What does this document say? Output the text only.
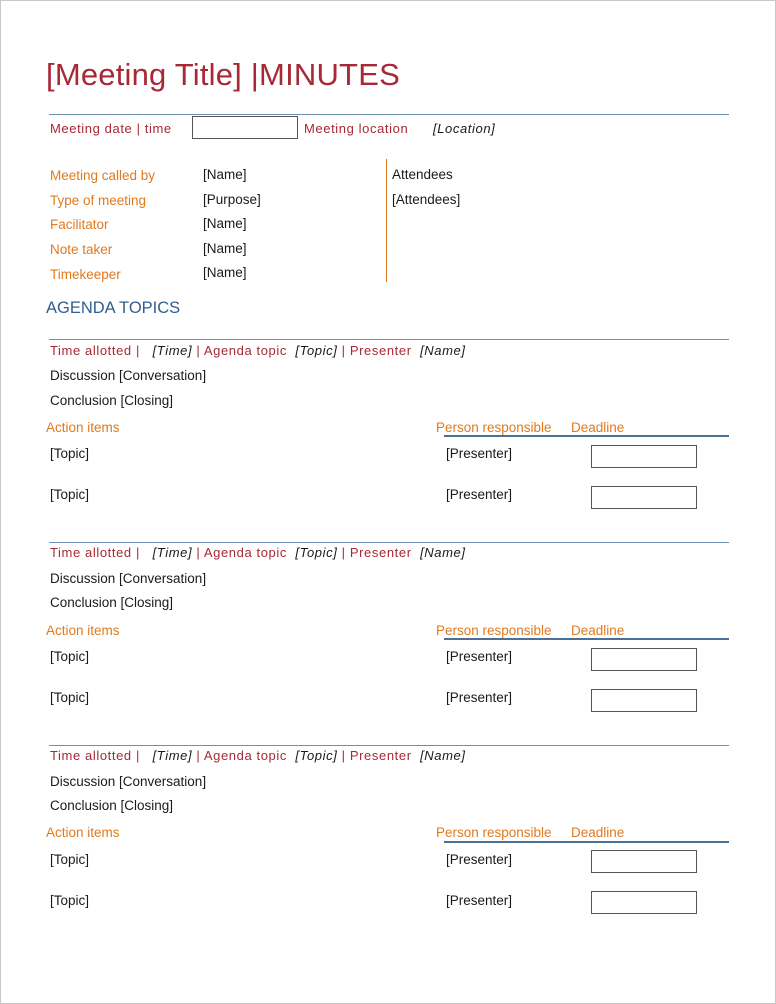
[Meeting Title] |MINUTES
Meeting date | time	Meeting location [Location]
Meeting called by	[Name]
Type of meeting	[Purpose]
Facilitator	[Name]
Note taker	[Name]
Timekeeper	[Name]
Attendees
[Attendees]
AGENDA TOPICS
Time allotted | [Time] | Agenda topic [Topic] | Presenter [Name]
Discussion [Conversation]
Conclusion [Closing]
Action items	Person responsible Deadline
[Topic]	[Presenter]
[Topic]	[Presenter]
Time allotted | [Time] | Agenda topic [Topic] | Presenter [Name]
Discussion [Conversation]
Conclusion [Closing]
Action items	Person responsible Deadline
[Topic]	[Presenter]
[Topic]	[Presenter]
Time allotted | [Time] | Agenda topic [Topic] | Presenter [Name]
Discussion [Conversation]
Conclusion [Closing]
Action items	Person responsible Deadline
[Topic]	[Presenter]
[Topic]	[Presenter]
